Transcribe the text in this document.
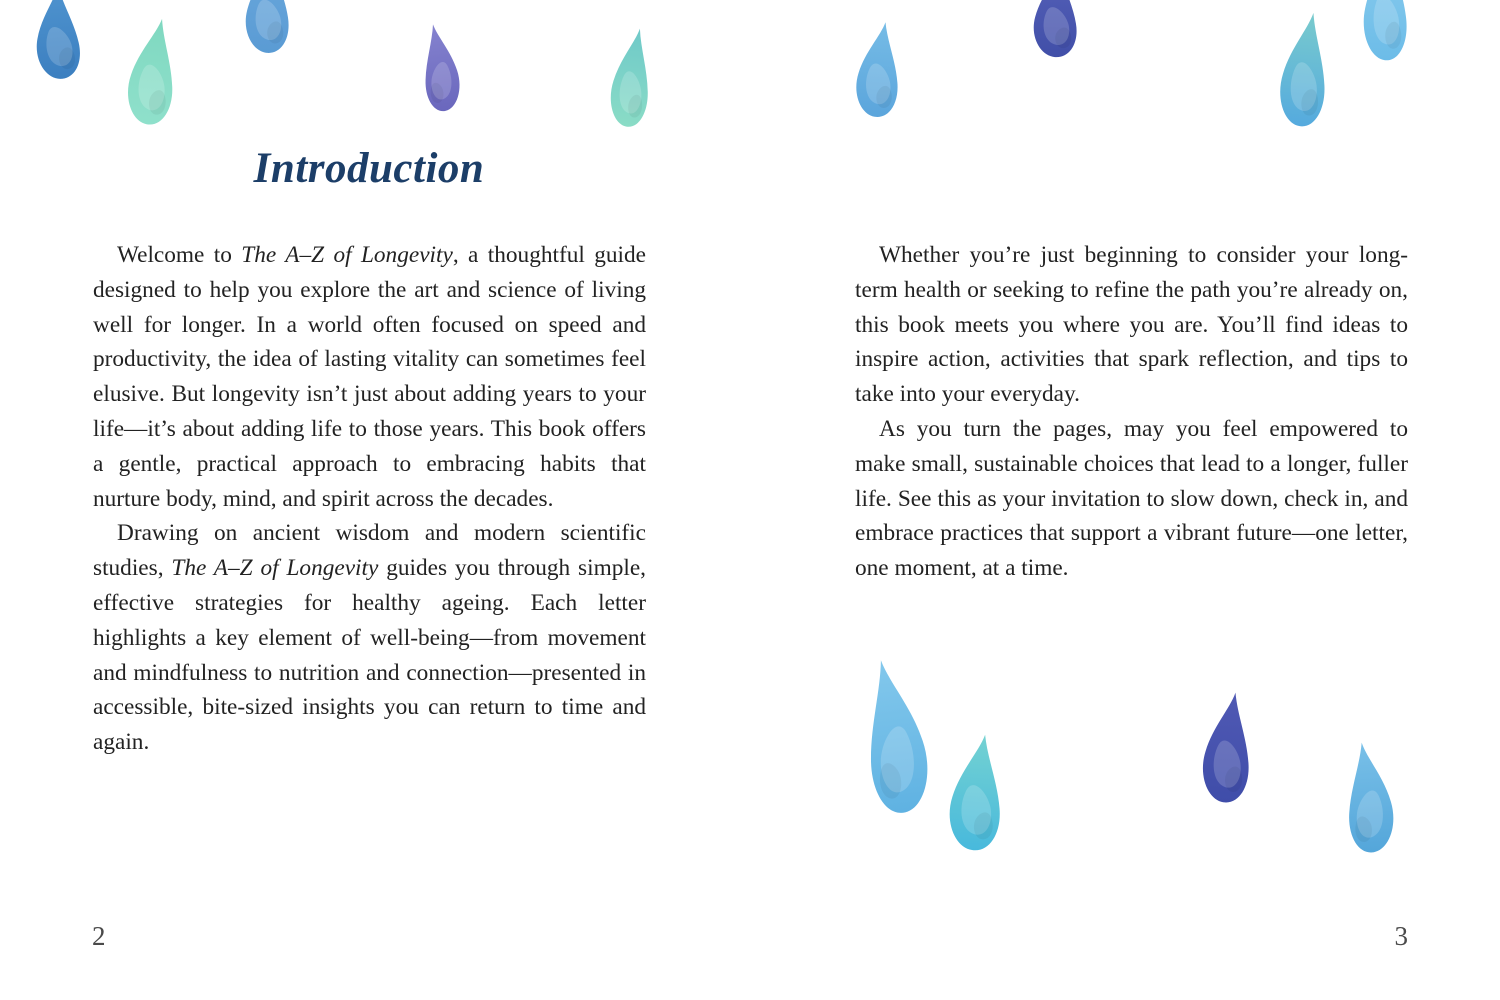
Introduction

Welcome to The A–Z of Longevity, a thoughtful guide designed to help you explore the art and science of living well for longer. In a world often focused on speed and productivity, the idea of lasting vitality can sometimes feel elusive. But longevity isn’t just about adding years to your life—it’s about adding life to those years. This book offers a gentle, practical approach to embracing habits that nurture body, mind, and spirit across the decades.

Drawing on ancient wisdom and modern scientific studies, The A–Z of Longevity guides you through simple, effective strategies for healthy ageing. Each letter highlights a key element of well-being—from movement and mindfulness to nutrition and connection—presented in accessible, bite-sized insights you can return to time and again.

2

Whether you’re just beginning to consider your long-term health or seeking to refine the path you’re already on, this book meets you where you are. You’ll find ideas to inspire action, activities that spark reflection, and tips to take into your everyday.

As you turn the pages, may you feel empowered to make small, sustainable choices that lead to a longer, fuller life. See this as your invitation to slow down, check in, and embrace practices that support a vibrant future—one letter, one moment, at a time.

3
